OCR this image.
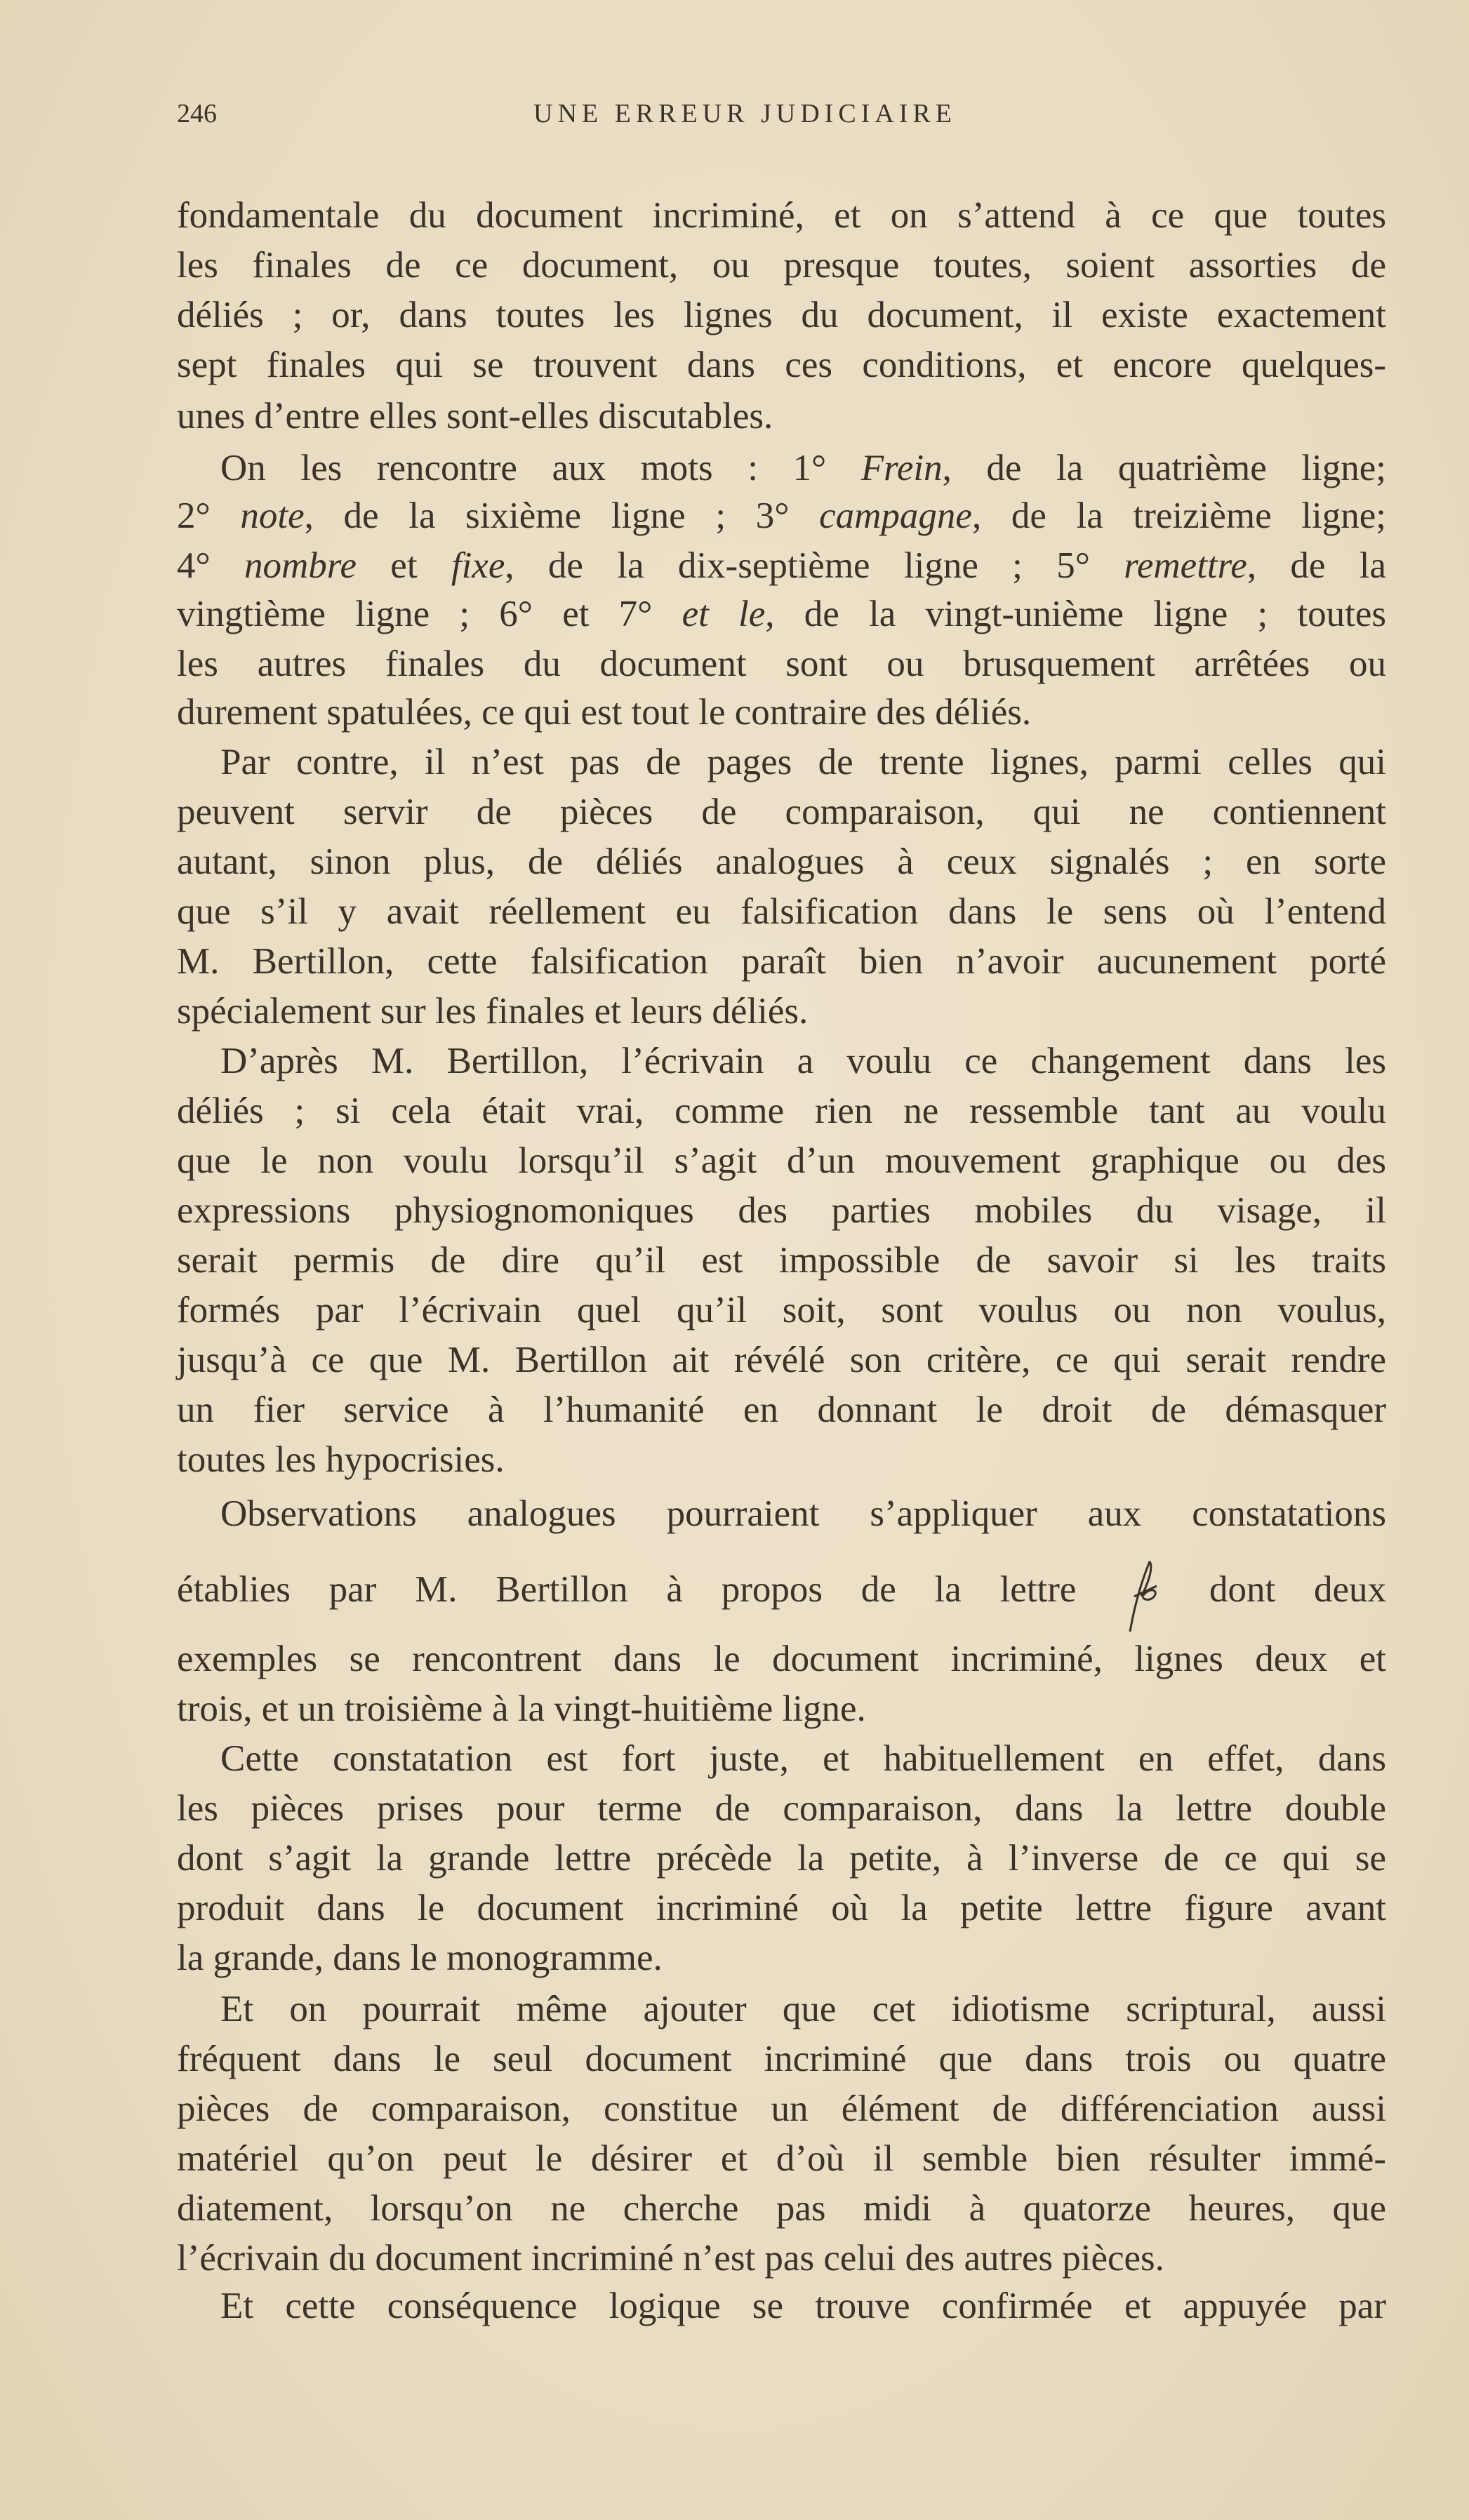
246	UNE ERREUR JUDICIAIRE
fondamentale du document incriminé, et on s’attend à ce que toutes
les finales de ce document, ou presque toutes, soient assorties de
déliés ; or, dans toutes les lignes du document, il existe exactement
sept finales qui se trouvent dans ces conditions, et encore quelques-
unes d’entre elles sont-elles discutables.
On les rencontre aux mots : 1° Frein, de la quatrième ligne;
2° note, de la sixième ligne ; 3° campagne, de la treizième ligne;
4° nombre et fixe, de la dix-septième ligne ; 5° remettre, de la
vingtième ligne ; 6° et 7° et le, de la vingt-unième ligne ; toutes
les autres finales du document sont ou brusquement arrêtées ou
durement spatulées, ce qui est tout le contraire des déliés.
Par contre, il n’est pas de pages de trente lignes, parmi celles qui
peuvent servir de pièces de comparaison, qui ne contiennent
autant, sinon plus, de déliés analogues à ceux signalés ; en sorte
que s’il y avait réellement eu falsification dans le sens où l’entend
M. Bertillon, cette falsification paraît bien n’avoir aucunement porté
spécialement sur les finales et leurs déliés.
D’après M. Bertillon, l’écrivain a voulu ce changement dans les
déliés ; si cela était vrai, comme rien ne ressemble tant au voulu
que le non voulu lorsqu’il s’agit d’un mouvement graphique ou des
expressions physiognomoniques des parties mobiles du visage, il
serait permis de dire qu’il est impossible de savoir si les traits
formés par l’écrivain quel qu’il soit, sont voulus ou non voulus,
jusqu’à ce que M. Bertillon ait révélé son critère, ce qui serait rendre
un fier service à l’humanité en donnant le droit de démasquer
toutes les hypocrisies.
Observations analogues pourraient s’appliquer aux constatations
établies par M. Bertillon à propos de la lettre  dont deux
exemples se rencontrent dans le document incriminé, lignes deux et
trois, et un troisième à la vingt-huitième ligne.
Cette constatation est fort juste, et habituellement en effet, dans
les pièces prises pour terme de comparaison, dans la lettre double
dont s’agit la grande lettre précède la petite, à l’inverse de ce qui se
produit dans le document incriminé où la petite lettre figure avant
la grande, dans le monogramme.
Et on pourrait même ajouter que cet idiotisme scriptural, aussi
fréquent dans le seul document incriminé que dans trois ou quatre
pièces de comparaison, constitue un élément de différenciation aussi
matériel qu’on peut le désirer et d’où il semble bien résulter immé-
diatement, lorsqu’on ne cherche pas midi à quatorze heures, que
l’écrivain du document incriminé n’est pas celui des autres pièces.
Et cette conséquence logique se trouve confirmée et appuyée par
